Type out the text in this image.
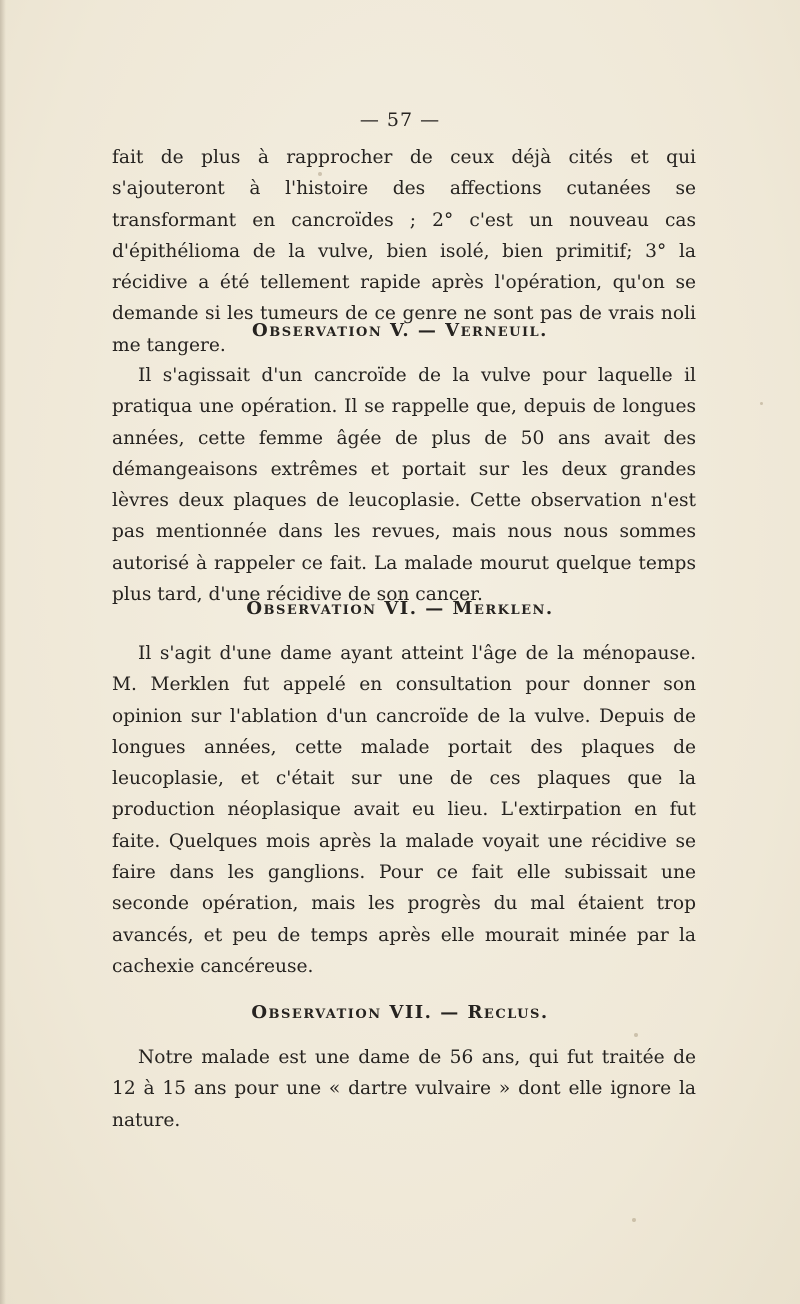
— 57 —

fait de plus à rapprocher de ceux déjà cités et qui s'ajouteront à l'histoire des affections cutanées se transformant en cancroïdes ; 2° c'est un nouveau cas d'épithélioma de la vulve, bien isolé, bien primitif; 3° la récidive a été tellement rapide après l'opération, qu'on se demande si les tumeurs de ce genre ne sont pas de vrais noli me tangere.

Observation V. — Verneuil.

Il s'agissait d'un cancroïde de la vulve pour laquelle il pratiqua une opération. Il se rappelle que, depuis de longues années, cette femme âgée de plus de 50 ans avait des démangeaisons extrêmes et portait sur les deux grandes lèvres deux plaques de leucoplasie. Cette observation n'est pas mentionnée dans les revues, mais nous nous sommes autorisé à rappeler ce fait. La malade mourut quelque temps plus tard, d'une récidive de son cancer.

Observation VI. — Merklen.

Il s'agit d'une dame ayant atteint l'âge de la ménopause. M. Merklen fut appelé en consultation pour donner son opinion sur l'ablation d'un cancroïde de la vulve. Depuis de longues années, cette malade portait des plaques de leucoplasie, et c'était sur une de ces plaques que la production néoplasique avait eu lieu. L'extirpation en fut faite. Quelques mois après la malade voyait une récidive se faire dans les ganglions. Pour ce fait elle subissait une seconde opération, mais les progrès du mal étaient trop avancés, et peu de temps après elle mourait minée par la cachexie cancéreuse.

Observation VII. — Reclus.

Notre malade est une dame de 56 ans, qui fut traitée de 12 à 15 ans pour une « dartre vulvaire » dont elle ignore la nature.
